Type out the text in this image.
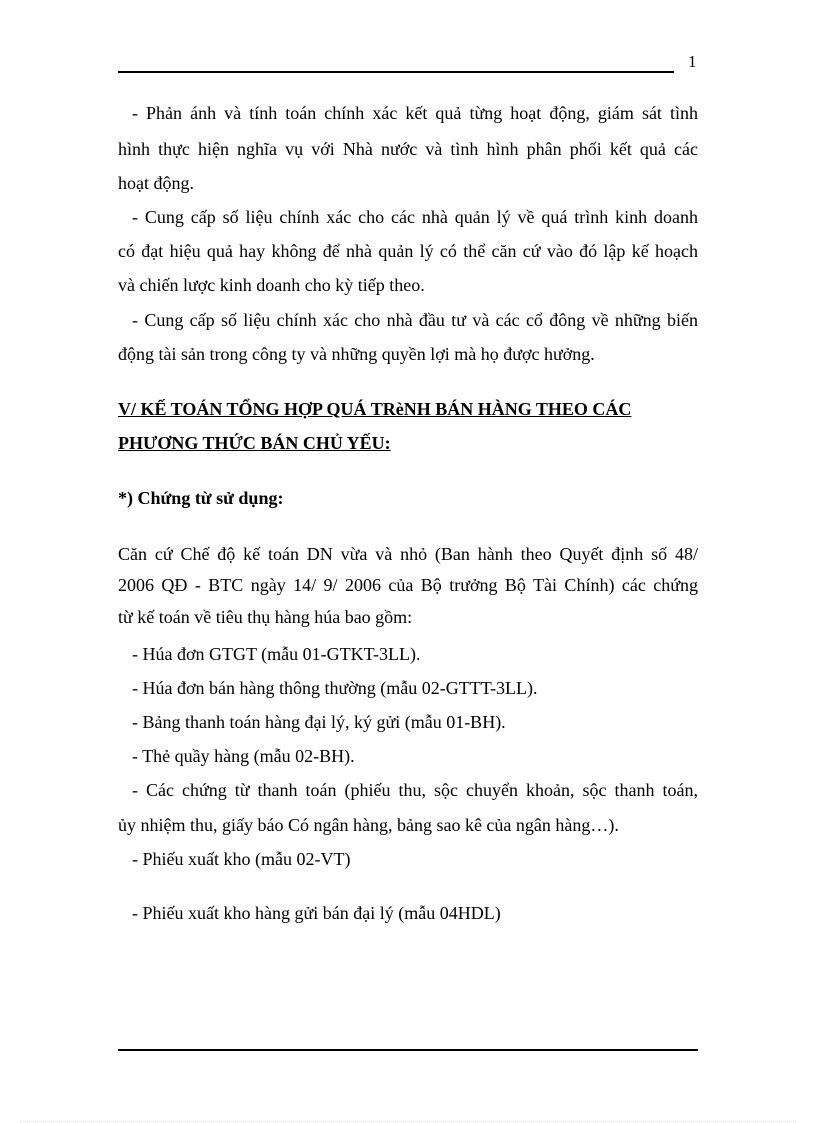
1
- Phản ánh và tính toán chính xác kết quả từng hoạt động, giám sát tình
hình thực hiện nghĩa vụ với Nhà nước và tình hình phân phối kết quả các
hoạt động.
- Cung cấp số liệu chính xác cho các nhà quản lý về quá trình kinh doanh
có đạt hiệu quả hay không để nhà quản lý có thể căn cứ vào đó lập kế hoạch
và chiến lược kinh doanh cho kỳ tiếp theo.
- Cung cấp số liệu chính xác cho nhà đầu tư và các cổ đông về những biến
động tài sản trong công ty và những quyền lợi mà họ được hưởng.
V/ KẾ TOÁN TỔNG HỢP QUÁ TRèNH BÁN HÀNG THEO CÁC
PHƯƠNG THỨC BÁN CHỦ YẾU:
*) Chứng từ sử dụng:
Căn cứ Chế độ kế toán DN vừa và nhỏ (Ban hành theo Quyết định số 48/
2006 QĐ - BTC ngày 14/ 9/ 2006 của Bộ trưởng Bộ Tài Chính) các chứng
từ kế toán về tiêu thụ hàng húa bao gồm:
- Húa đơn GTGT (mẫu 01-GTKT-3LL).
- Húa đơn bán hàng thông thường (mẫu 02-GTTT-3LL).
- Bảng thanh toán hàng đại lý, ký gửi (mẫu 01-BH).
- Thẻ quầy hàng (mẫu 02-BH).
- Các chứng từ thanh toán (phiếu thu, sộc chuyển khoản, sộc thanh toán,
ủy nhiệm thu, giấy báo Có ngân hàng, bảng sao kê của ngân hàng…).
- Phiếu xuất kho (mẫu 02-VT)
- Phiếu xuất kho hàng gửi bán đại lý (mẫu 04HDL)
